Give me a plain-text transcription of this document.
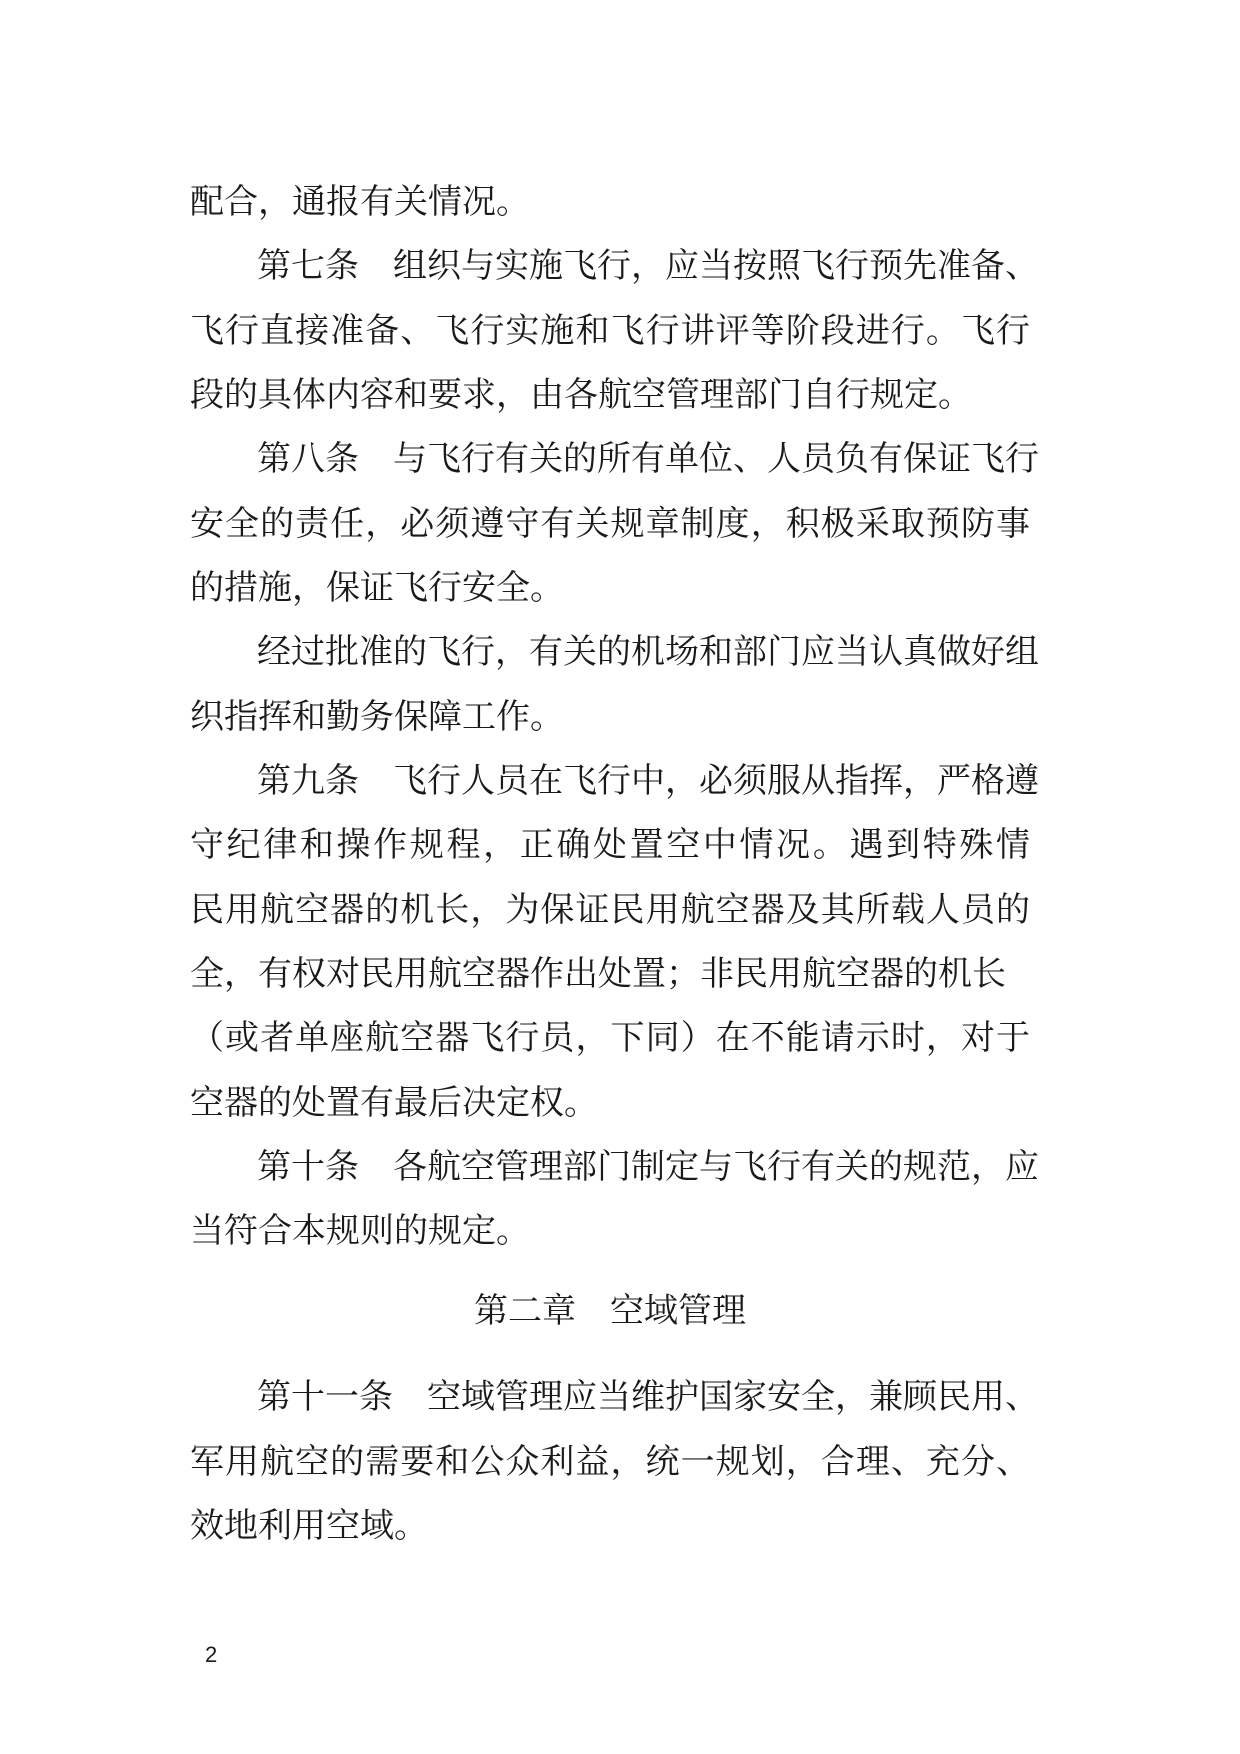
配合，通报有关情况。
第七条　组织与实施飞行，应当按照飞行预先准备、
飞行直接准备、飞行实施和飞行讲评等阶段进行。飞行
段的具体内容和要求，由各航空管理部门自行规定。
第八条　与飞行有关的所有单位、人员负有保证飞行
安全的责任，必须遵守有关规章制度，积极采取预防事
的措施，保证飞行安全。
经过批准的飞行，有关的机场和部门应当认真做好组
织指挥和勤务保障工作。
第九条　飞行人员在飞行中，必须服从指挥，严格遵
守纪律和操作规程，正确处置空中情况。遇到特殊情
民用航空器的机长，为保证民用航空器及其所载人员的
全，有权对民用航空器作出处置；非民用航空器的机长
（或者单座航空器飞行员，下同）在不能请示时，对于
空器的处置有最后决定权。
第十条　各航空管理部门制定与飞行有关的规范，应
当符合本规则的规定。
第二章　空域管理
第十一条　空域管理应当维护国家安全，兼顾民用、
军用航空的需要和公众利益，统一规划，合理、充分、
效地利用空域。
2
